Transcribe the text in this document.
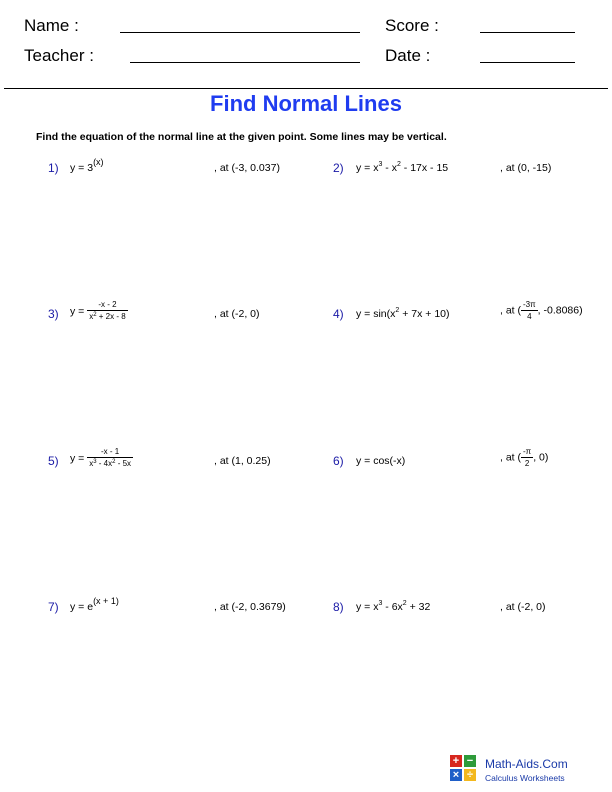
Name :	Score :
Teacher :	Date :
Find Normal Lines
Find the equation of the normal line at the given point. Some lines may be vertical.
1) y = 3(x)	, at (-3, 0.037)	2) $y = x^3 - x^2 - 17x - 15$	, at (0, -15)
3) $y = \frac{-x - 2}{x^2 + 2x - 8}$	, at (-2, 0)	4) $y = \sin(x^2 + 7x + 10)$	, at ( $\frac{-3\pi}{4}$ , -0.8086)
5) $y = \frac{-x - 1}{x^3 - 4x^2 - 5x}$	, at (1, 0.25)	6) y = cos(-x)	, at ( $\frac{-\pi}{2}$ , 0)
7) y = e(x + 1)	, at (-2, 0.3679)	8) $y = x^3 - 6x^2 + 32$	, at (-2, 0)
+ −
× ÷
Math-Aids.Com
Calculus Worksheets
